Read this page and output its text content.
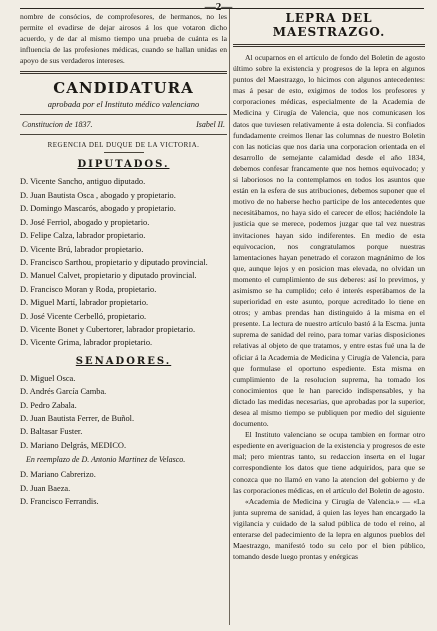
—2—

nombre de consócios, de comprofesores, de hermanos, no les permite el evadirse de dejar airosos á los que votaron dicho acuerdo, y de dar al mismo tiempo una prueba de cuánta es la influencia de las profesiones médicas, cuando se hallan unidas en apoyo de sus verdaderos intereses.

CANDIDATURA
aprobada por el Instituto médico valenciano
Constitucion de 1837.	Isabel II.
REGENCIA DEL DUQUE DE LA VICTORIA.
DIPUTADOS.
D. Vicente Sancho, antiguo diputado.
D. Juan Bautista Osca , abogado y propietario.
D. Domingo Mascarós, abogado y propietario.
D. José Ferriol, abogado y propietario.
D. Felipe Calza, labrador propietario.
D. Vicente Brú, labrador propietario.
D. Francisco Sarthou, propietario y diputado provincial.
D. Manuel Calvet, propietario y diputado provincial.
D. Francisco Moran y Roda, propietario.
D. Miguel Martí, labrador propietario.
D. José Vicente Cerbelló, propietario.
D. Vicente Bonet y Cubertorer, labrador propietario.
D. Vicente Grima, labrador propietario.
SENADORES.
D. Miguel Osca.
D. Andrés García Camba.
D. Pedro Zabala.
D. Juan Bautista Ferrer, de Buñol.
D. Baltasar Fuster.
D. Mariano Delgrás, MEDICO.
En reemplazo de D. Antonio Martinez de Velasco.
D. Mariano Cabrerizo.
D. Juan Baeza.
D. Francisco Ferrandis.
LEPRA DEL MAESTRAZGO.

Al ocuparnos en el artículo de fondo del Boletin de agosto último sobre la existencia y progresos de la lepra en algunos puntos del Maestrazgo, lo hicimos con algunos antecedentes: mas á pesar de esto, exigimos de todos los profesores y corporaciones médicas, especialmente de la Academia de Medicina y Cirugía de Valencia, que nos comunicasen los datos que tuviesen relativamente á esta dolencia. Si confiados fundadamente creimos llenar las columnas de nuestro Boletin con las noticias que nos daria una corporacion orientada en el desarrollo de semejante calamidad desde el año 1834, debemos confesar francamente que nos hemos equivocado; y si laboriosos no la contemplamos en todos los asuntos que están en la esfera de sus atribuciones, debemos suponer que el motivo de no haberse hecho participe de los antecedentes que necesitábamos, no haya sido el carecer de ellos; haciéndole la justicia que se merece, podemos juzgar que tal vez nuestras invitaciones hayan sido indiferentes. En medio de esta equivocacion, nos congratulamos porque nuestras lamentaciones hayan penetrado el corazon magnánimo de los que, aunque lejos y en posicion mas elevada, no olvidan un momento el cumplimiento de sus deberes: así lo previmos, y asimismo se ha cumplido; celo é interés esperábamos de la superioridad en este asunto, porque acreditado lo tiene en otros; y ambas prendas han distinguido á la misma en el presente. La lectura de nuestro artículo bastó á la Escma. junta suprema de sanidad del reino, para tomar varias disposiciones relativas al objeto de que tratamos, y entre estas fué una la de oficiar á la Academia de Medicina y Cirugía de Valencia, para que formulase el oportuno espediente. Esta misma en cumplimiento de la resolucion suprema, ha tomado los conocimientos que le han parecido indispensables, y ha dictado las medidas necesarias, que aprobadas por la superior, desea al mismo tiempo se publiquen por medio del siguiente documento.

El Instituto valenciano se ocupa tambien en formar otro espediente en averiguacion de la existencia y progresos de este mal; pero mientras tanto, su redaccion inserta en el lugar correspondiente los datos que tiene adquiridos, para que se conozca que no llamó en vano la atencion del gobierno y de las corporaciones médicas, en el artículo del Boletin de agosto.

«Academia de Medicina y Cirugía de Valencia.» — «La junta suprema de sanidad, á quien las leyes han encargado la vigilancia y cuidado de la salud pública de todo el reino, al enterarse del padecimiento de la lepra en algunos pueblos del Maestrazgo, manifestó todo su celo por el bien público, tomando desde luego prontas y enérgicas
